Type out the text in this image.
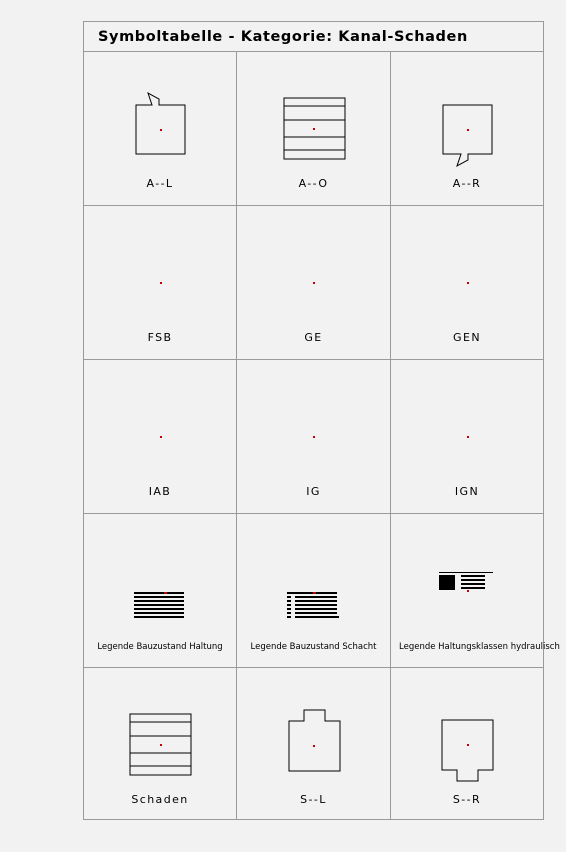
Symboltabelle - Kategorie: Kanal-Schaden
A--L	A--O	A--R
FSB	GE	GEN
IAB	IG	IGN
Legende Bauzustand Haltung	Legende Bauzustand Schacht	Legende Haltungsklassen hydraulisch
Schaden	S--L	S--R
